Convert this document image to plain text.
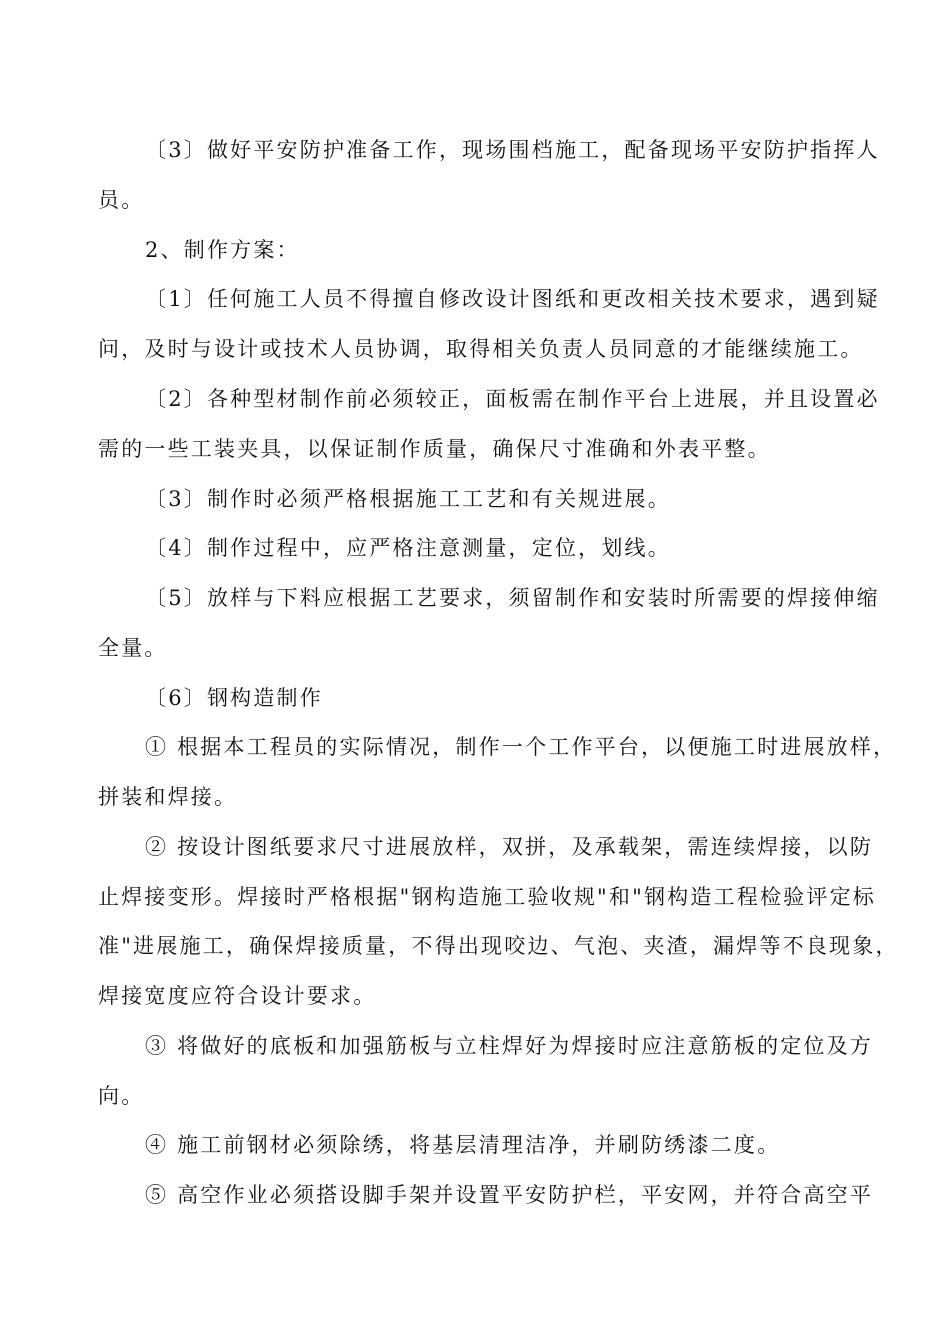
〔3〕做好平安防护准备工作，现场围档施工，配备现场平安防护指挥人
员。
2、制作方案：
〔1〕任何施工人员不得擅自修改设计图纸和更改相关技术要求，遇到疑
问，及时与设计或技术人员协调，取得相关负责人员同意的才能继续施工。
〔2〕各种型材制作前必须较正，面板需在制作平台上进展，并且设置必
需的一些工装夹具，以保证制作质量，确保尺寸准确和外表平整。
〔3〕制作时必须严格根据施工工艺和有关规进展。
〔4〕制作过程中，应严格注意测量，定位，划线。
〔5〕放样与下料应根据工艺要求，须留制作和安装时所需要的焊接伸缩
全量。
〔6〕钢构造制作
① 根据本工程员的实际情况，制作一个工作平台，以便施工时进展放样，
拼装和焊接。
② 按设计图纸要求尺寸进展放样，双拼，及承载架，需连续焊接，以防
止焊接变形。焊接时严格根据"钢构造施工验收规"和"钢构造工程检验评定标
准"进展施工，确保焊接质量，不得出现咬边、气泡、夹渣，漏焊等不良现象，
焊接宽度应符合设计要求。
③ 将做好的底板和加强筋板与立柱焊好为焊接时应注意筋板的定位及方
向。
④ 施工前钢材必须除绣，将基层清理洁净，并刷防绣漆二度。
⑤ 高空作业必须搭设脚手架并设置平安防护栏，平安网，并符合高空平
